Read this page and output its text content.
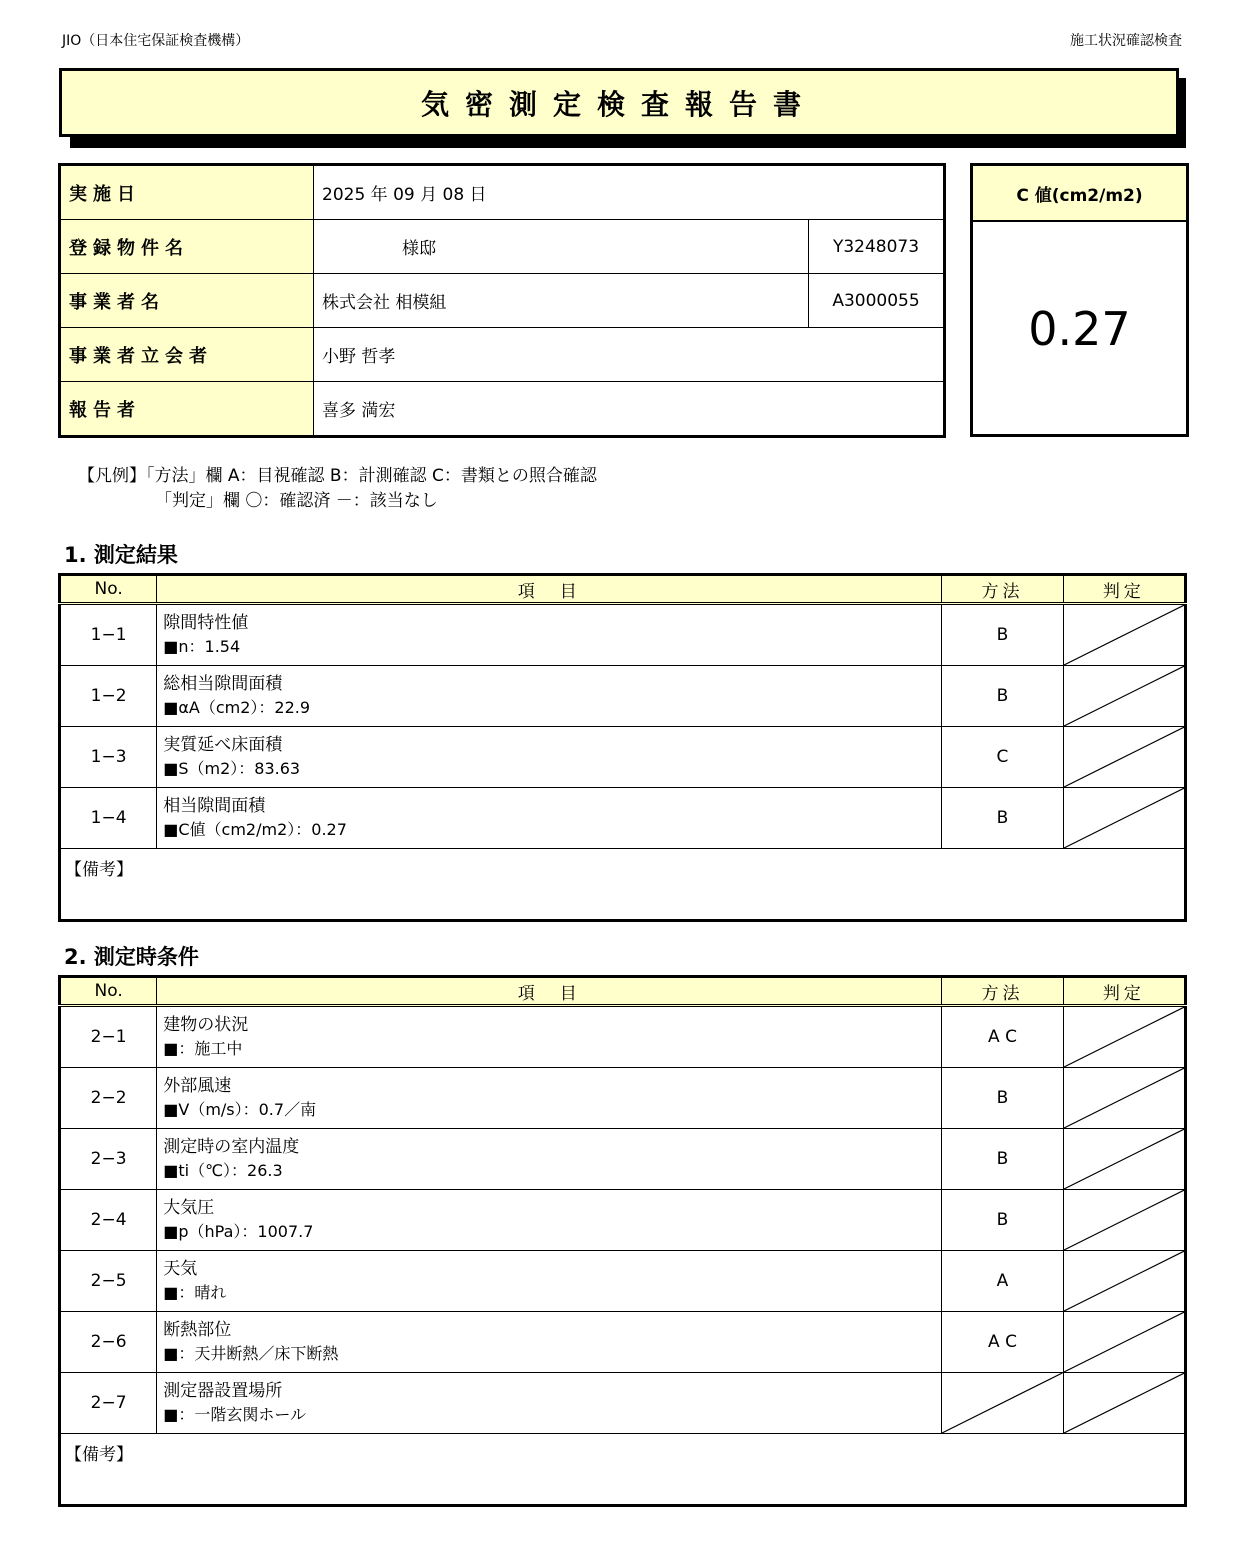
JIO（日本住宅保証検査機構）	施工状況確認検査
気密測定検査報告書
実施日	2025 年 09 月 08 日	
登録物件名	様邸	Y3248073
事業者名	株式会社 相模組	A3000055
事業者立会者	小野 哲孝	
報告者	喜多 満宏	
C 値(cm2/m2)
0.27
【凡例】「方法」欄 A：目視確認 B：計測確認 C：書類との照合確認
「判定」欄 〇：確認済 －：該当なし
1. 測定結果
No.	項　目	方法	判定
1−1	隙間特性値
■n：1.54	B	

1−2	総相当隙間面積
■αA（cm2）：22.9	B	

1−3	実質延べ床面積
■S（m2）：83.63	C	

1−4	相当隙間面積
■C値（cm2/m2）：0.27	B	

【備考】			
2. 測定時条件
No.	項　目	方法	判定
2−1	建物の状況
■：施工中	A C	

2−2	外部風速
■V（m/s）：0.7／南	B	

2−3	測定時の室内温度
■ti（℃）：26.3	B	

2−4	大気圧
■p（hPa）：1007.7	B	

2−5	天気
■：晴れ	A	

2−6	断熱部位
■：天井断熱／床下断熱	A C	

2−7	測定器設置場所
■：一階玄関ホール

【備考】			
